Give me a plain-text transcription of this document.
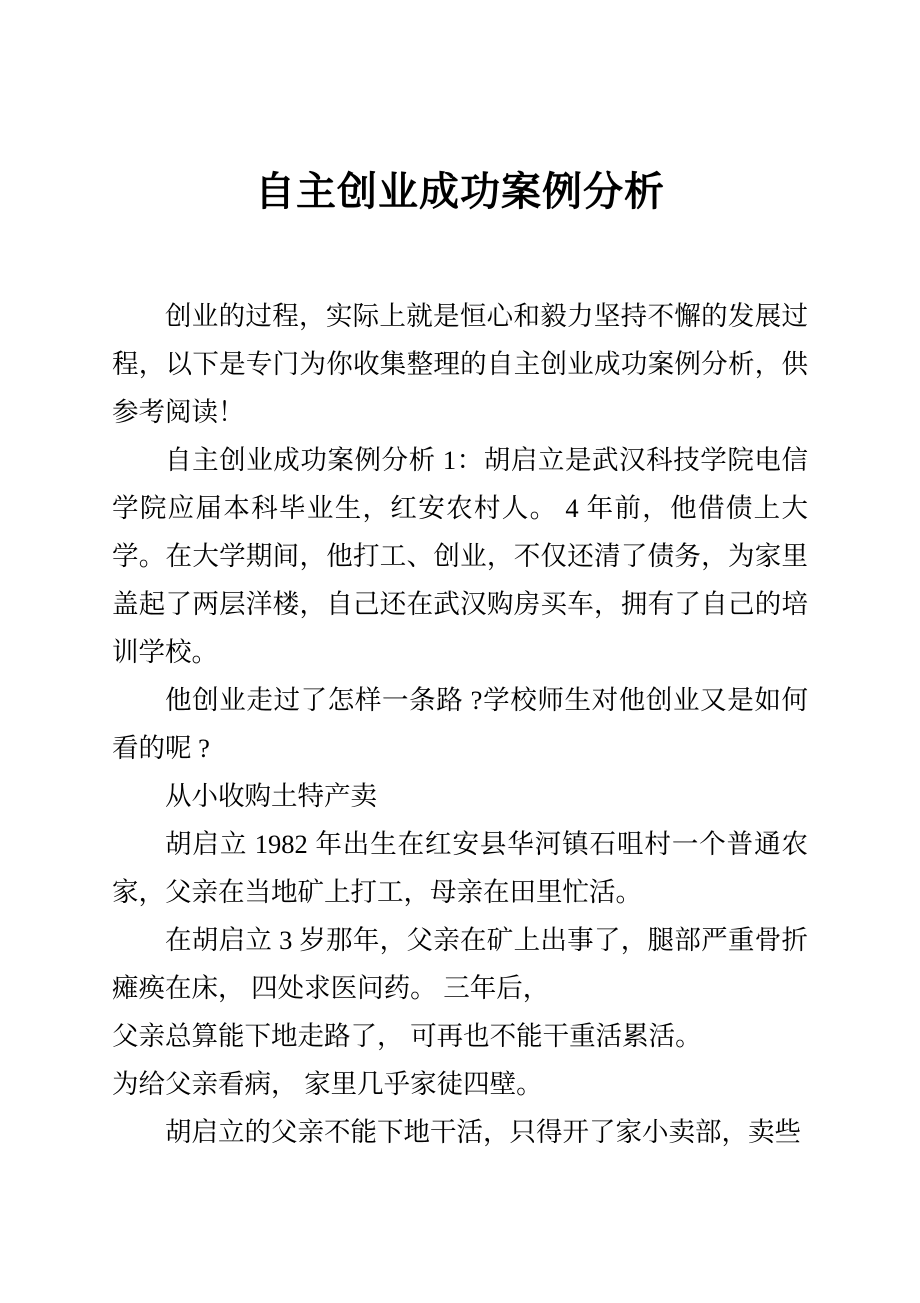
自主创业成功案例分析

创业的过程，实际上就是恒心和毅力坚持不懈的发展过程，以下是专门为你收集整理的自主创业成功案例分析，供参考阅读！

自主创业成功案例分析 1：胡启立是武汉科技学院电信学院应届本科毕业生，红安农村人。 4 年前，他借债上大学。在大学期间，他打工、创业，不仅还清了债务，为家里盖起了两层洋楼，自己还在武汉购房买车，拥有了自己的培训学校。

他创业走过了怎样一条路 ?学校师生对他创业又是如何看的呢 ?

从小收购土特产卖

胡启立 1982 年出生在红安县华河镇石咀村一个普通农家，父亲在当地矿上打工，母亲在田里忙活。

在胡启立 3 岁那年，父亲在矿上出事了，腿部严重骨折瘫痪在床， 四处求医问药。 三年后，

父亲总算能下地走路了， 可再也不能干重活累活。

为给父亲看病， 家里几乎家徒四壁。

胡启立的父亲不能下地干活，只得开了家小卖部，卖些
